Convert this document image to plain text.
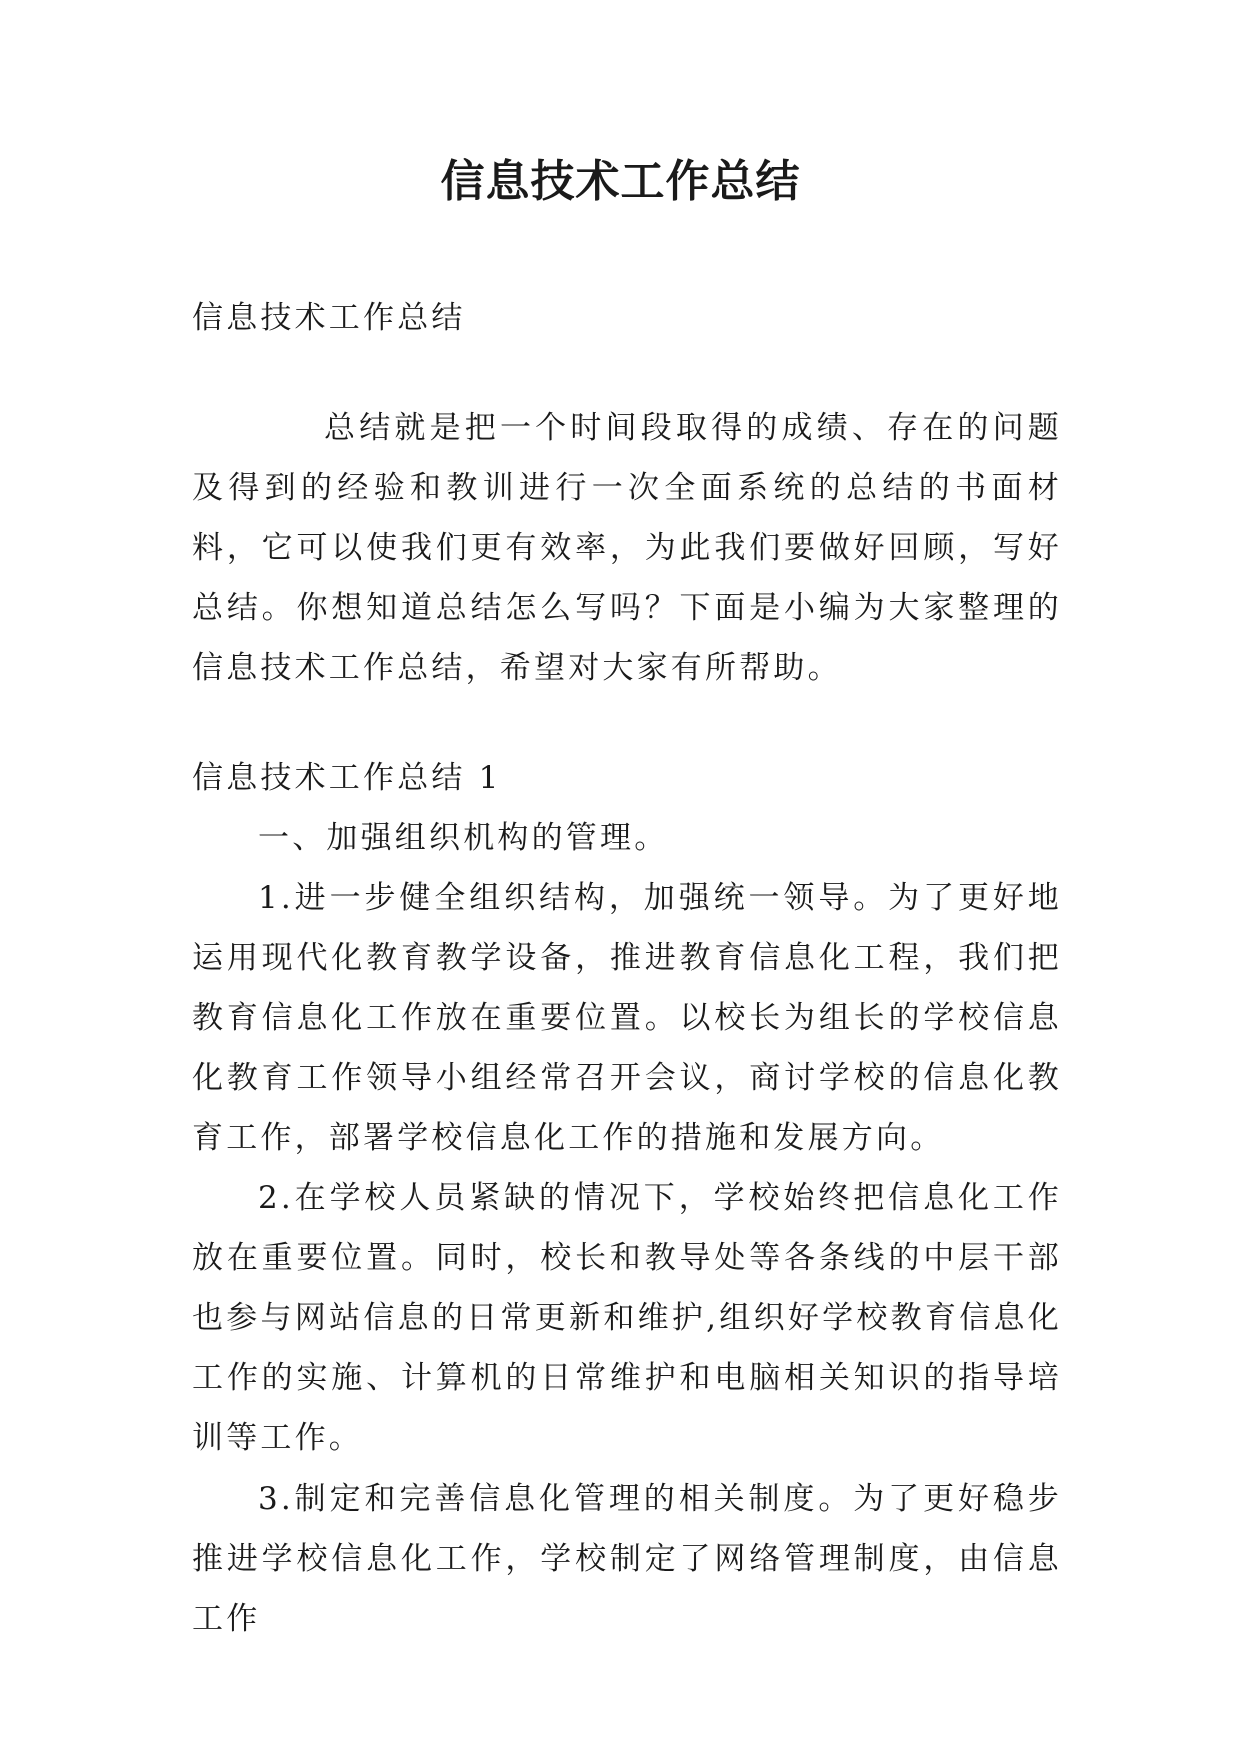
信息技术工作总结

信息技术工作总结

总结就是把一个时间段取得的成绩、存在的问题及得到的经验和教训进行一次全面系统的总结的书面材料，它可以使我们更有效率，为此我们要做好回顾，写好总结。你想知道总结怎么写吗？下面是小编为大家整理的信息技术工作总结，希望对大家有所帮助。

信息技术工作总结 1

一、加强组织机构的管理。

1.进一步健全组织结构，加强统一领导。为了更好地运用现代化教育教学设备，推进教育信息化工程，我们把教育信息化工作放在重要位置。以校长为组长的学校信息化教育工作领导小组经常召开会议，商讨学校的信息化教育工作，部署学校信息化工作的措施和发展方向。

2.在学校人员紧缺的情况下，学校始终把信息化工作放在重要位置。同时，校长和教导处等各条线的中层干部也参与网站信息的日常更新和维护,组织好学校教育信息化工作的实施、计算机的日常维护和电脑相关知识的指导培训等工作。

3.制定和完善信息化管理的相关制度。为了更好稳步推进学校信息化工作，学校制定了网络管理制度，由信息工作
